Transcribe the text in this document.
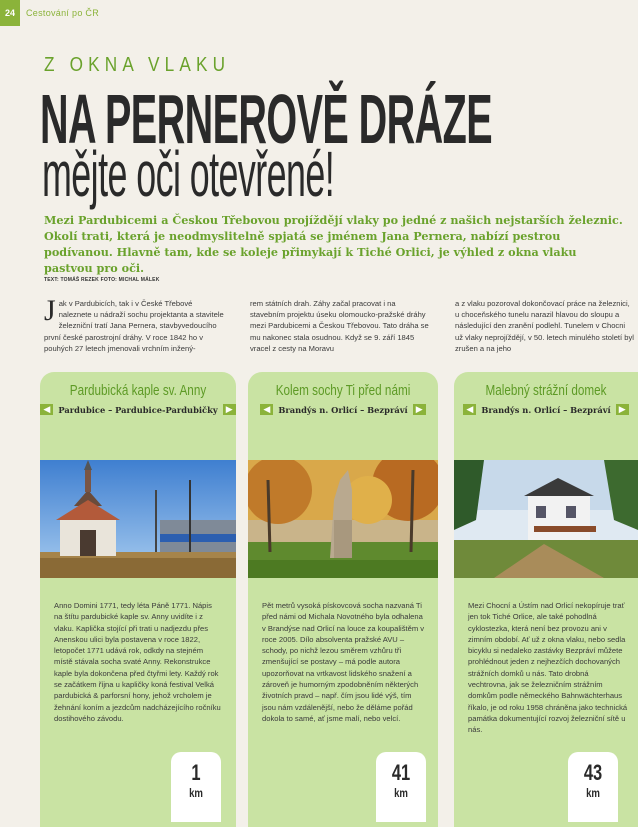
24	Cestování po ČR
Z OKNA VLAKU
NA PERNEROVĚ DRÁZE
mějte oči otevřené!
Mezi Pardubicemi a Českou Třebovou projíždějí vlaky po jedné z našich nejstarších železnic. Okolí trati, která je neodmyslitelně spjatá se jménem Jana Pernera, nabízí pestrou podívanou. Hlavně tam, kde se koleje přimykají k Tiché Orlici, je výhled z okna vlaku pastvou pro oči.
TEXT: TOMÁŠ REZEK FOTO: MICHAL MÁLEK
J ak v Pardubicích, tak i v České Třebové naleznete u nádraží sochu projektanta a stavitele železniční tratí Jana Pernera, stavbyvedoucího první české parostrojní dráhy. V roce 1842 ho v pouhých 27 letech jmenovali vrchním inžený-
rem státních drah. Záhy začal pracovat i na stavebním projektu úseku olomoucko-pražské dráhy mezi Pardubicemi a Českou Třebovou. Tato dráha se mu nakonec stala osudnou. Když se 9. září 1845 vracel z cesty na Moravu
a z vlaku pozoroval dokončovací práce na železnici, u choceňského tunelu narazil hlavou do sloupu a následující den zranění podlehl. Tunelem v Chocni už vlaky neprojíždějí, v 50. letech minulého století byl zrušen a na jeho
Pardubická kaple sv. Anny
◀ Pardubice – Pardubice-Pardubičky ▶
Anno Domini 1771, tedy léta Páně 1771. Nápis na štítu pardubické kaple sv. Anny uvidíte i z vlaku. Kaplička stojící při trati u nadjezdu přes Anenskou ulici byla postavena v roce 1822, letopočet 1771 udává rok, odkdy na stejném místě stávala socha svaté Anny. Rekonstrukce kaple byla dokončena před čtyřmi lety. Každý rok se začátkem října u kapličky koná festival Velká pardubická & parforsní hony, jehož vrcholem je žehnání koním a jezdcům nadcházejícího ročníku dostihového závodu.
1
km
Kolem sochy Ti před námi
◀ Brandýs n. Orlicí – Bezpráví ▶
Pět metrů vysoká pískovcová socha nazvaná Ti před námi od Michala Novotného byla odhalena v Brandýse nad Orlicí na louce za koupalištěm v roce 2005. Dílo absolventa pražské AVU – schody, po nichž lezou směrem vzhůru tři zmenšující se postavy – má podle autora upozorňovat na vrtkavost lidského snažení a zároveň je humorným zpodobněním některých životních pravd – např. čím jsou lidé výš, tím jsou nám vzdálenější, nebo že děláme pořád dokola to samé, ať jsme malí, nebo velcí.
41
km
Malebný strážní domek
◀ Brandýs n. Orlicí – Bezpráví ▶
Mezi Chocní a Ústím nad Orlicí nekopíruje trať jen tok Tiché Orlice, ale také pohodlná cyklostezka, která není bez provozu ani v zimním období. Ať už z okna vlaku, nebo sedla bicyklu si nedaleko zastávky Bezpráví můžete prohlédnout jeden z nejhezčích dochovaných strážních domků u nás. Tato drobná vechtrovna, jak se železničním strážním domkům podle německého Bahnwächterhaus říkalo, je od roku 1958 chráněna jako technická památka dokumentující rozvoj železniční sítě u nás.
43
km
